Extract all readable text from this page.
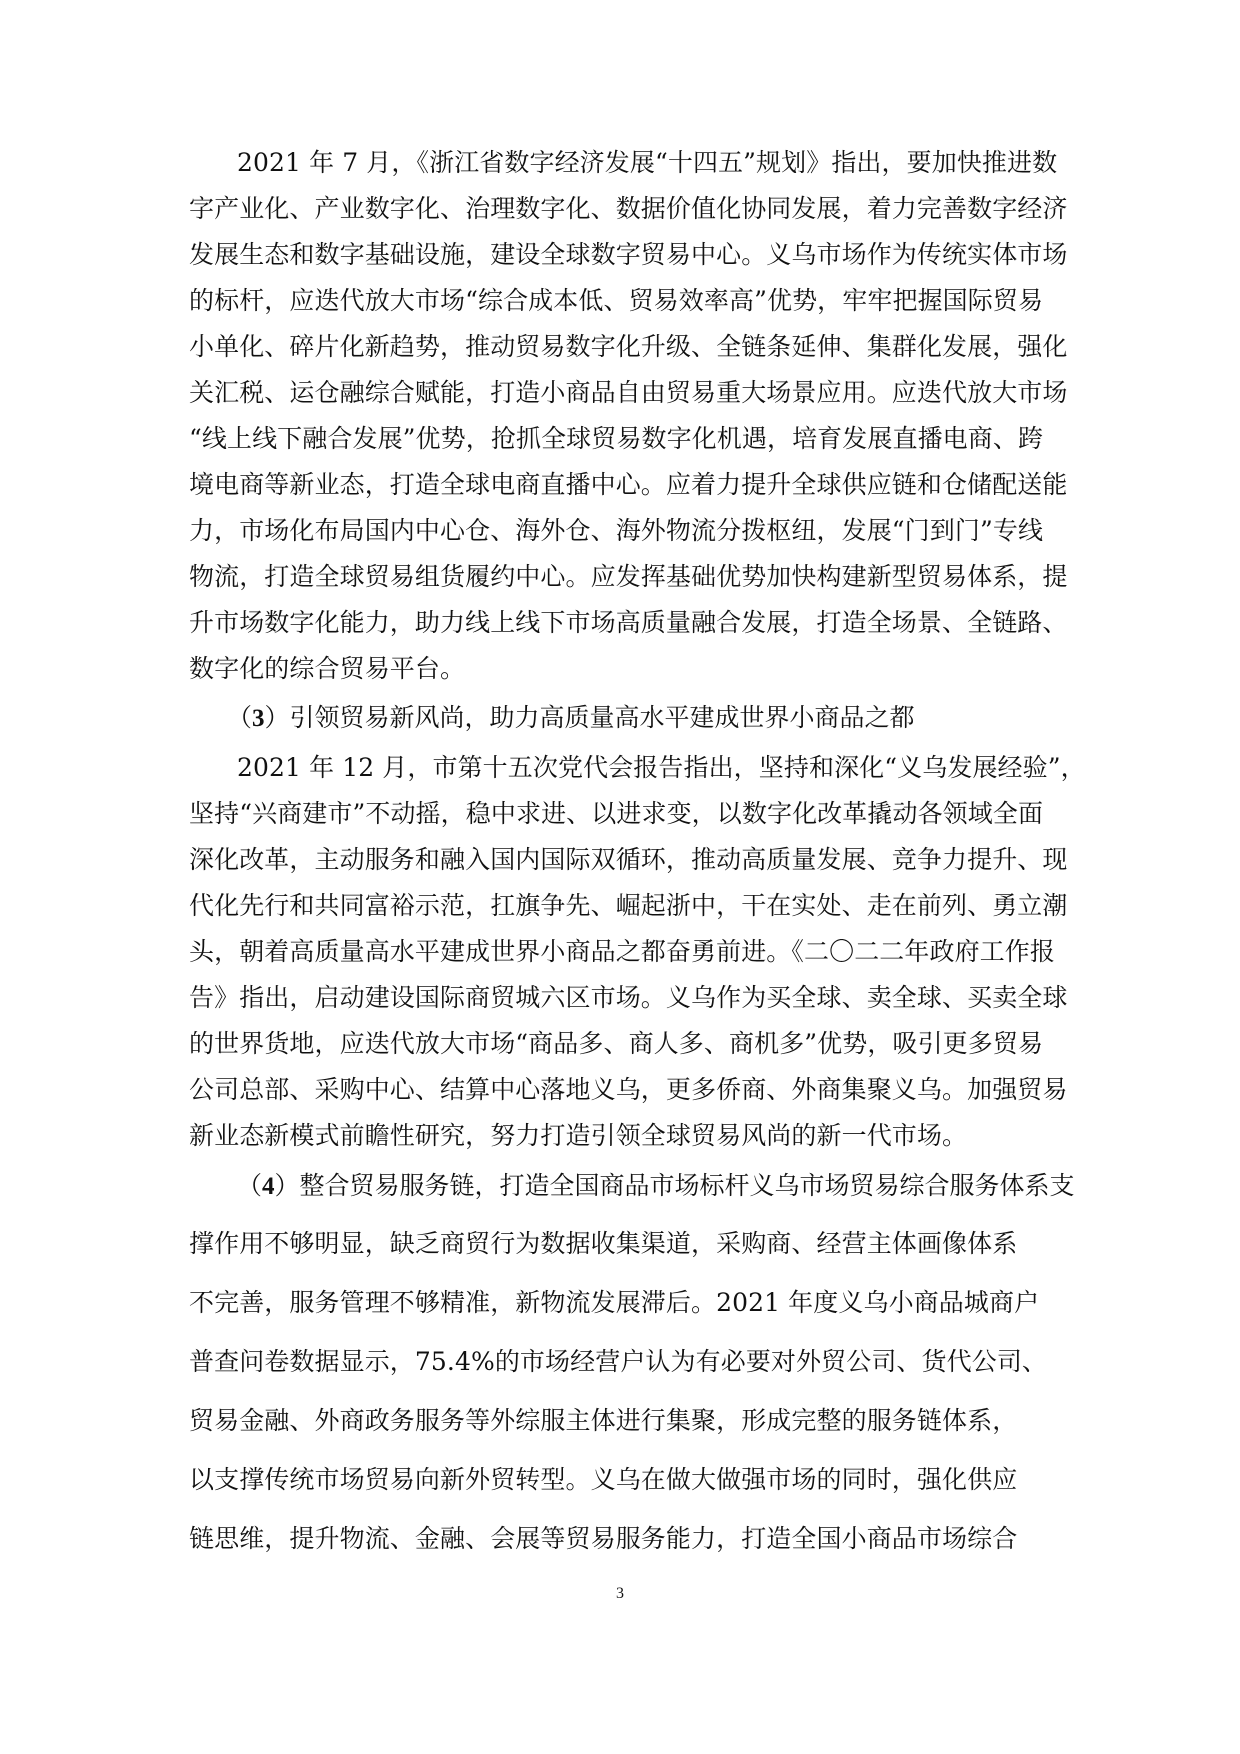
2021 年 7 月，《浙江省数字经济发展“十四五”规划》指出，要加快推进数
字产业化、产业数字化、治理数字化、数据价值化协同发展，着力完善数字经济
发展生态和数字基础设施，建设全球数字贸易中心。义乌市场作为传统实体市场
的标杆，应迭代放大市场“综合成本低、贸易效率高”优势，牢牢把握国际贸易
小单化、碎片化新趋势，推动贸易数字化升级、全链条延伸、集群化发展，强化
关汇税、运仓融综合赋能，打造小商品自由贸易重大场景应用。应迭代放大市场
“线上线下融合发展”优势，抢抓全球贸易数字化机遇，培育发展直播电商、跨
境电商等新业态，打造全球电商直播中心。应着力提升全球供应链和仓储配送能
力，市场化布局国内中心仓、海外仓、海外物流分拨枢纽，发展“门到门”专线
物流，打造全球贸易组货履约中心。应发挥基础优势加快构建新型贸易体系，提
升市场数字化能力，助力线上线下市场高质量融合发展，打造全场景、全链路、
数字化的综合贸易平台。
（3）引领贸易新风尚，助力高质量高水平建成世界小商品之都
2021 年 12 月，市第十五次党代会报告指出，坚持和深化“义乌发展经验”，
坚持“兴商建市”不动摇，稳中求进、以进求变，以数字化改革撬动各领域全面
深化改革，主动服务和融入国内国际双循环，推动高质量发展、竞争力提升、现
代化先行和共同富裕示范，扛旗争先、崛起浙中，干在实处、走在前列、勇立潮
头，朝着高质量高水平建成世界小商品之都奋勇前进。《二〇二二年政府工作报
告》指出，启动建设国际商贸城六区市场。义乌作为买全球、卖全球、买卖全球
的世界货地，应迭代放大市场“商品多、商人多、商机多”优势，吸引更多贸易
公司总部、采购中心、结算中心落地义乌，更多侨商、外商集聚义乌。加强贸易
新业态新模式前瞻性研究，努力打造引领全球贸易风尚的新一代市场。
（4）整合贸易服务链，打造全国商品市场标杆义乌市场贸易综合服务体系支
撑作用不够明显，缺乏商贸行为数据收集渠道，采购商、经营主体画像体系
不完善，服务管理不够精准，新物流发展滞后。2021 年度义乌小商品城商户
普查问卷数据显示，75.4%的市场经营户认为有必要对外贸公司、货代公司、
贸易金融、外商政务服务等外综服主体进行集聚，形成完整的服务链体系，
以支撑传统市场贸易向新外贸转型。义乌在做大做强市场的同时，强化供应
链思维，提升物流、金融、会展等贸易服务能力，打造全国小商品市场综合
3
